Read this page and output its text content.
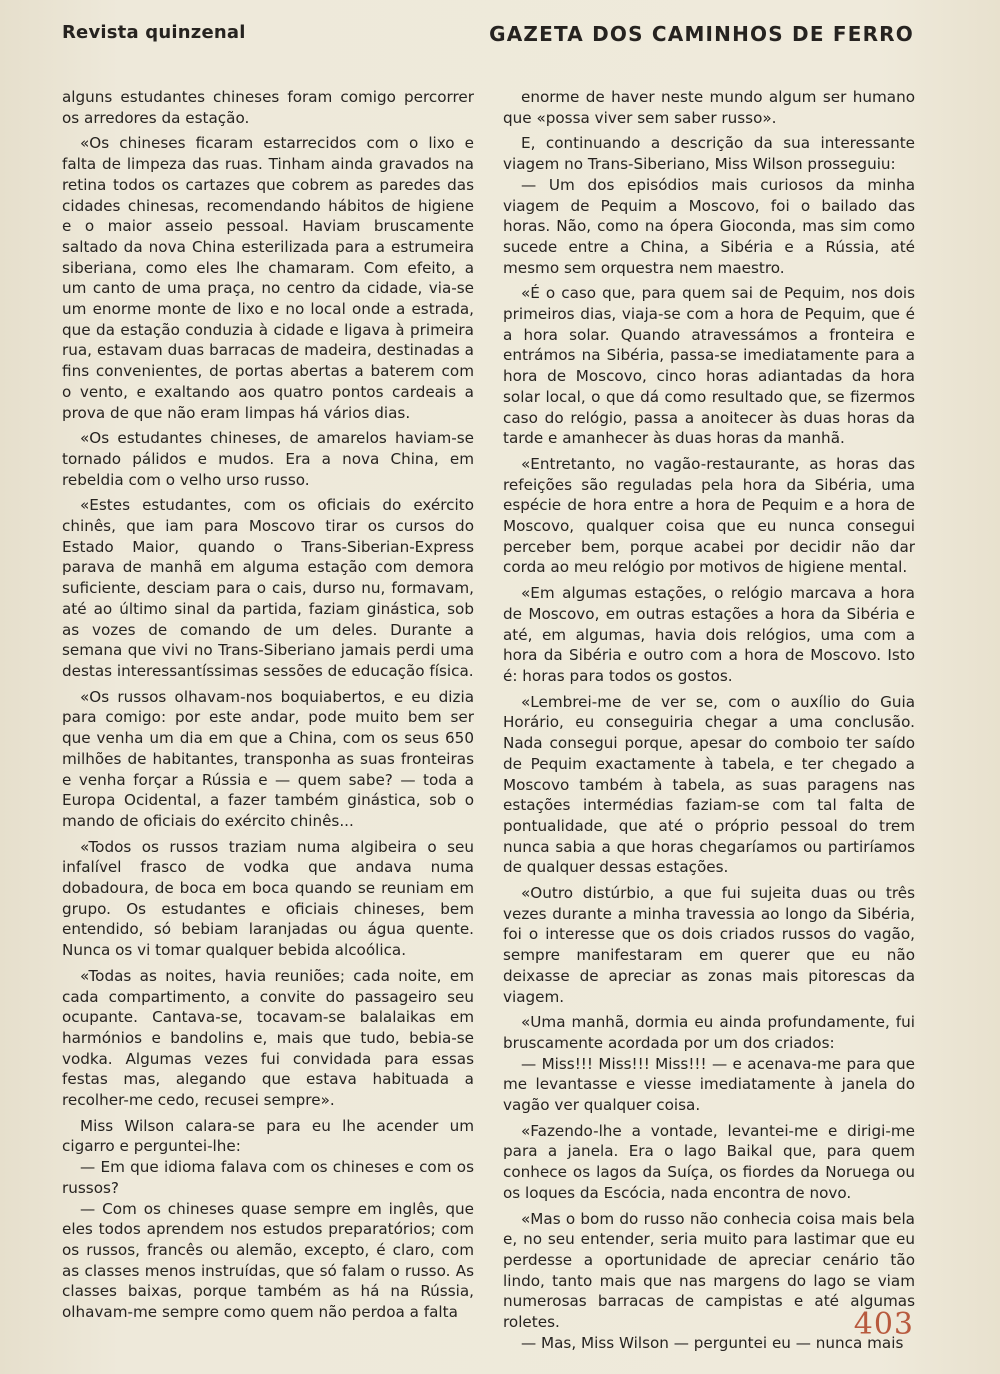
Revista quinzenal	GAZETA DOS CAMINHOS DE FERRO

alguns estudantes chineses foram comigo percorrer os arredores da estação.

«Os chineses ficaram estarrecidos com o lixo e falta de limpeza das ruas. Tinham ainda gravados na retina todos os cartazes que cobrem as paredes das cidades chinesas, recomendando hábitos de higiene e o maior asseio pessoal. Haviam bruscamente saltado da nova China esterilizada para a estrumeira siberiana, como eles lhe chamaram. Com efeito, a um canto de uma praça, no centro da cidade, via-se um enorme monte de lixo e no local onde a estrada, que da estação conduzia à cidade e ligava à primeira rua, estavam duas barracas de madeira, destinadas a fins convenientes, de portas abertas a baterem com o vento, e exaltando aos quatro pontos cardeais a prova de que não eram limpas há vários dias.

«Os estudantes chineses, de amarelos haviam-se tornado pálidos e mudos. Era a nova China, em rebeldia com o velho urso russo.

«Estes estudantes, com os oficiais do exército chinês, que iam para Moscovo tirar os cursos do Estado Maior, quando o Trans-Siberian-Express parava de manhã em alguma estação com demora suficiente, desciam para o cais, durso nu, formavam, até ao último sinal da partida, faziam ginástica, sob as vozes de comando de um deles. Durante a semana que vivi no Trans-Siberiano jamais perdi uma destas interessantíssimas sessões de educação física.

«Os russos olhavam-nos boquiabertos, e eu dizia para comigo: por este andar, pode muito bem ser que venha um dia em que a China, com os seus 650 milhões de habitantes, transponha as suas fronteiras e venha forçar a Rússia e — quem sabe? — toda a Europa Ocidental, a fazer também ginástica, sob o mando de oficiais do exército chinês...

«Todos os russos traziam numa algibeira o seu infalível frasco de vodka que andava numa dobadoura, de boca em boca quando se reuniam em grupo. Os estudantes e oficiais chineses, bem entendido, só bebiam laranjadas ou água quente. Nunca os vi tomar qualquer bebida alcoólica.

«Todas as noites, havia reuniões; cada noite, em cada compartimento, a convite do passageiro seu ocupante. Cantava-se, tocavam-se balalaikas em harmónios e bandolins e, mais que tudo, bebia-se vodka. Algumas vezes fui convidada para essas festas mas, alegando que estava habituada a recolher-me cedo, recusei sempre».

Miss Wilson calara-se para eu lhe acender um cigarro e perguntei-lhe:

— Em que idioma falava com os chineses e com os russos?

— Com os chineses quase sempre em inglês, que eles todos aprendem nos estudos preparatórios; com os russos, francês ou alemão, excepto, é claro, com as classes menos instruídas, que só falam o russo. As classes baixas, porque também as há na Rússia, olhavam-me sempre como quem não perdoa a falta

enorme de haver neste mundo algum ser humano que «possa viver sem saber russo».

E, continuando a descrição da sua interessante viagem no Trans-Siberiano, Miss Wilson prosseguiu:

— Um dos episódios mais curiosos da minha viagem de Pequim a Moscovo, foi o bailado das horas. Não, como na ópera Gioconda, mas sim como sucede entre a China, a Sibéria e a Rússia, até mesmo sem orquestra nem maestro.

«É o caso que, para quem sai de Pequim, nos dois primeiros dias, viaja-se com a hora de Pequim, que é a hora solar. Quando atravessámos a fronteira e entrámos na Sibéria, passa-se imediatamente para a hora de Moscovo, cinco horas adiantadas da hora solar local, o que dá como resultado que, se fizermos caso do relógio, passa a anoitecer às duas horas da tarde e amanhecer às duas horas da manhã.

«Entretanto, no vagão-restaurante, as horas das refeições são reguladas pela hora da Sibéria, uma espécie de hora entre a hora de Pequim e a hora de Moscovo, qualquer coisa que eu nunca consegui perceber bem, porque acabei por decidir não dar corda ao meu relógio por motivos de higiene mental.

«Em algumas estações, o relógio marcava a hora de Moscovo, em outras estações a hora da Sibéria e até, em algumas, havia dois relógios, uma com a hora da Sibéria e outro com a hora de Moscovo. Isto é: horas para todos os gostos.

«Lembrei-me de ver se, com o auxílio do Guia Horário, eu conseguiria chegar a uma conclusão. Nada consegui porque, apesar do comboio ter saído de Pequim exactamente à tabela, e ter chegado a Moscovo também à tabela, as suas paragens nas estações intermédias faziam-se com tal falta de pontualidade, que até o próprio pessoal do trem nunca sabia a que horas chegaríamos ou partiríamos de qualquer dessas estações.

«Outro distúrbio, a que fui sujeita duas ou três vezes durante a minha travessia ao longo da Sibéria, foi o interesse que os dois criados russos do vagão, sempre manifestaram em querer que eu não deixasse de apreciar as zonas mais pitorescas da viagem.

«Uma manhã, dormia eu ainda profundamente, fui bruscamente acordada por um dos criados:

— Miss!!! Miss!!! Miss!!! — e acenava-me para que me levantasse e viesse imediatamente à janela do vagão ver qualquer coisa.

«Fazendo-lhe a vontade, levantei-me e dirigi-me para a janela. Era o lago Baikal que, para quem conhece os lagos da Suíça, os fiordes da Noruega ou os loques da Escócia, nada encontra de novo.

«Mas o bom do russo não conhecia coisa mais bela e, no seu entender, seria muito para lastimar que eu perdesse a oportunidade de apreciar cenário tão lindo, tanto mais que nas margens do lago se viam numerosas barracas de campistas e até algumas roletes.

— Mas, Miss Wilson — perguntei eu — nunca mais

403
